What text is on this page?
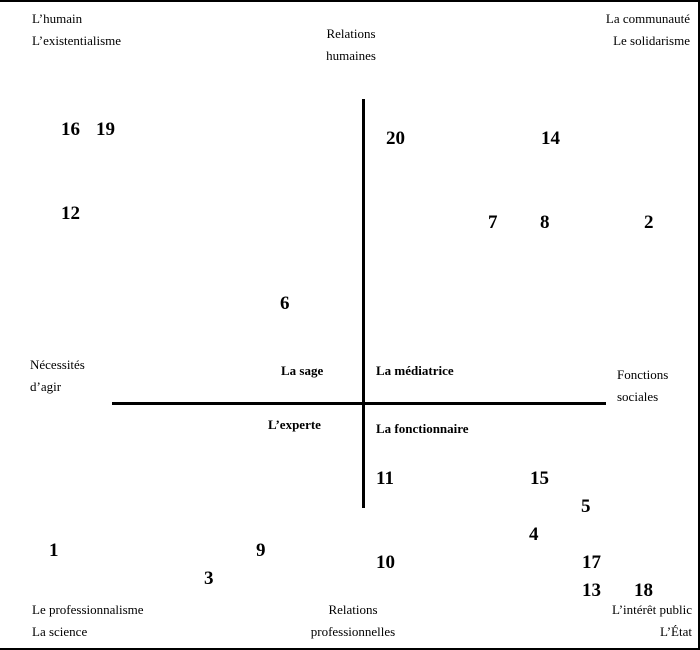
L’humain
L’existentialisme	Relations
humaines
La communauté
Le solidarisme
Nécessités
d’agir
Fonctions
sociales
Le professionnalisme
La science
Relations
professionnelles
L’intérêt public
L’État
La sage	La médiatrice
L’experte	La fonctionnaire
16 19
12
20	14
7 8	2
6
11	15
5
4
17
13 18
1	9
3
10
